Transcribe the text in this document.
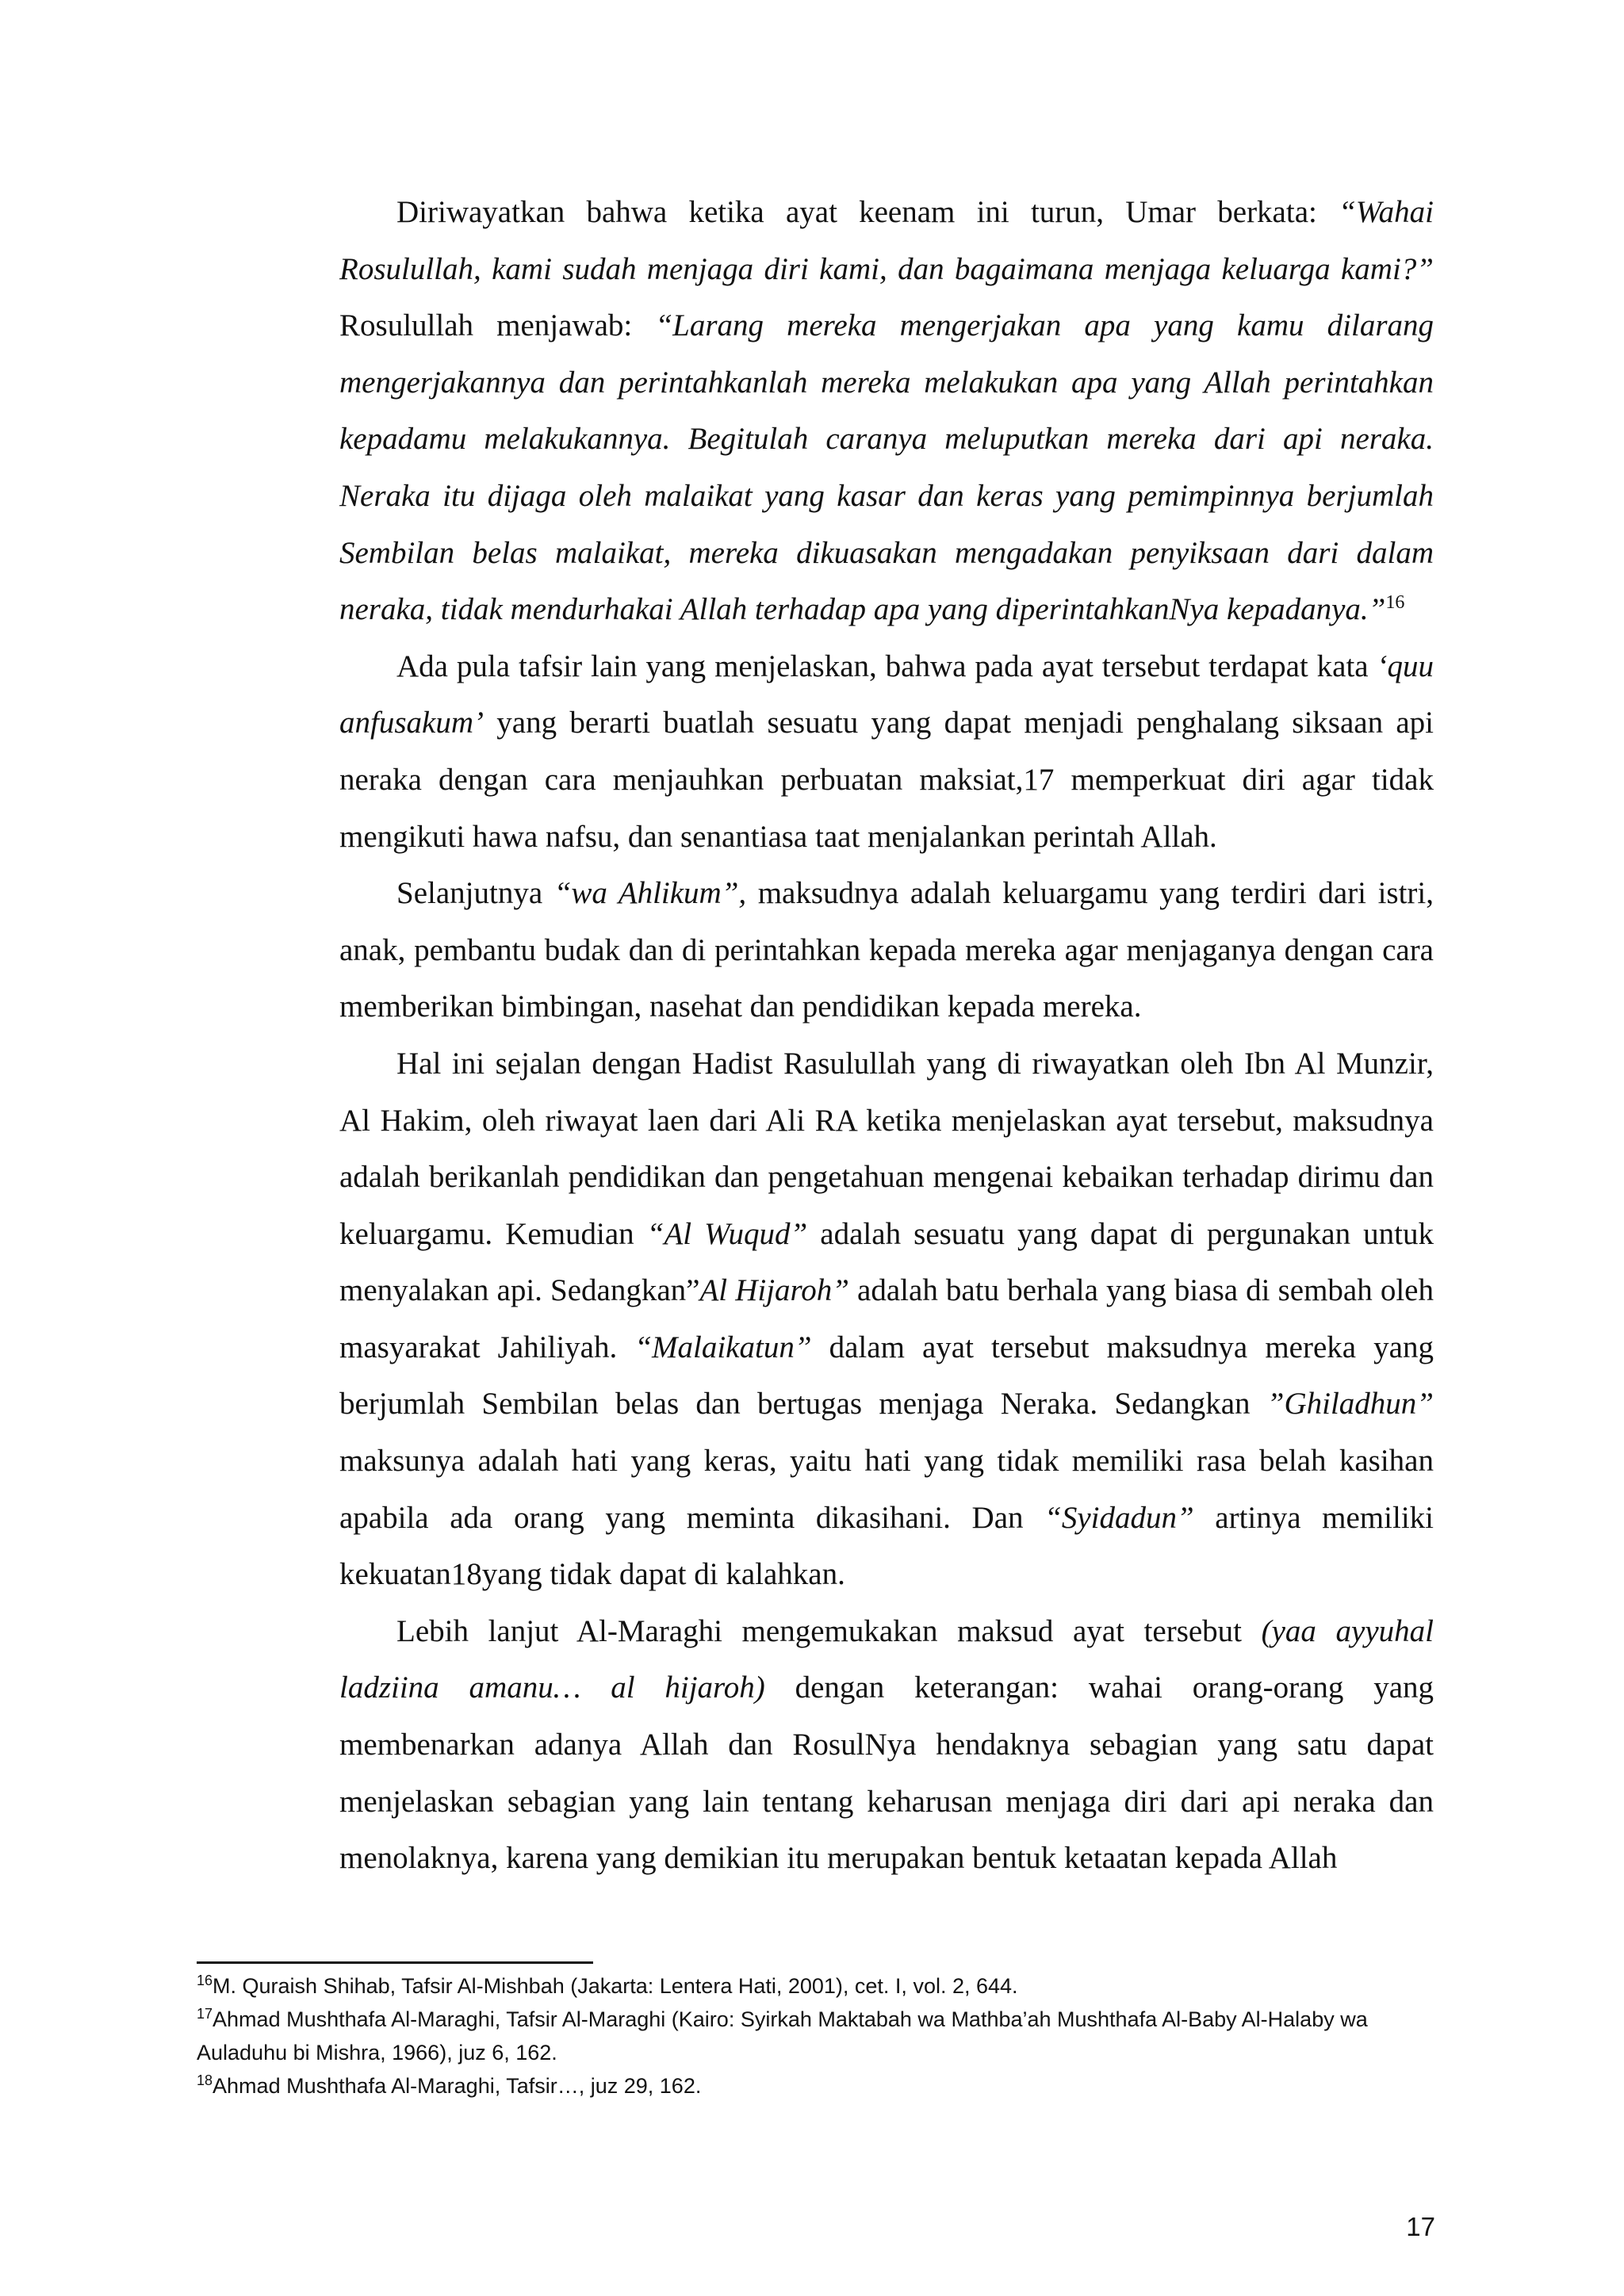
Diriwayatkan bahwa ketika ayat keenam ini turun, Umar berkata: “Wahai Rosulullah, kami sudah menjaga diri kami, dan bagaimana menjaga keluarga kami?” Rosulullah menjawab: “Larang mereka mengerjakan apa yang kamu dilarang mengerjakannya dan perintahkanlah mereka melakukan apa yang Allah perintahkan kepadamu melakukannya. Begitulah caranya meluputkan mereka dari api neraka. Neraka itu dijaga oleh malaikat yang kasar dan keras yang pemimpinnya berjumlah Sembilan belas malaikat, mereka dikuasakan mengadakan penyiksaan dari dalam neraka, tidak mendurhakai Allah terhadap apa yang diperintahkanNya kepadanya.”$^{16}$

Ada pula tafsir lain yang menjelaskan, bahwa pada ayat tersebut terdapat kata ‘quu anfusakum’ yang berarti buatlah sesuatu yang dapat menjadi penghalang siksaan api neraka dengan cara menjauhkan perbuatan maksiat,17 memperkuat diri agar tidak mengikuti hawa nafsu, dan senantiasa taat menjalankan perintah Allah.

Selanjutnya “wa Ahlikum”, maksudnya adalah keluargamu yang terdiri dari istri, anak, pembantu budak dan di perintahkan kepada mereka agar menjaganya dengan cara memberikan bimbingan, nasehat dan pendidikan kepada mereka.

Hal ini sejalan dengan Hadist Rasulullah yang di riwayatkan oleh Ibn Al Munzir, Al Hakim, oleh riwayat laen dari Ali RA ketika menjelaskan ayat tersebut, maksudnya adalah berikanlah pendidikan dan pengetahuan mengenai kebaikan terhadap dirimu dan keluargamu. Kemudian “Al Wuqud” adalah sesuatu yang dapat di pergunakan untuk menyalakan api. Sedangkan”Al Hijaroh” adalah batu berhala yang biasa di sembah oleh masyarakat Jahiliyah. “Malaikatun” dalam ayat tersebut maksudnya mereka yang berjumlah Sembilan belas dan bertugas menjaga Neraka. Sedangkan ”Ghiladhun” maksunya adalah hati yang keras, yaitu hati yang tidak memiliki rasa belah kasihan apabila ada orang yang meminta dikasihani. Dan “Syidadun” artinya memiliki kekuatan18yang tidak dapat di kalahkan.

Lebih lanjut Al-Maraghi mengemukakan maksud ayat tersebut (yaa ayyuhal ladziina amanu… al hijaroh) dengan keterangan: wahai orang-orang yang membenarkan adanya Allah dan RosulNya hendaknya sebagian yang satu dapat menjelaskan sebagian yang lain tentang keharusan menjaga diri dari api neraka dan menolaknya, karena yang demikian itu merupakan bentuk ketaatan kepada Allah

$^{16}$M. Quraish Shihab, Tafsir Al-Mishbah (Jakarta: Lentera Hati, 2001), cet. I, vol. 2, 644.

$^{17}$Ahmad Mushthafa Al-Maraghi, Tafsir Al-Maraghi (Kairo: Syirkah Maktabah wa Mathba’ah Mushthafa Al-Baby Al-Halaby wa Auladuhu bi Mishra, 1966), juz 6, 162.

$^{18}$Ahmad Mushthafa Al-Maraghi, Tafsir…, juz 29, 162.

17
